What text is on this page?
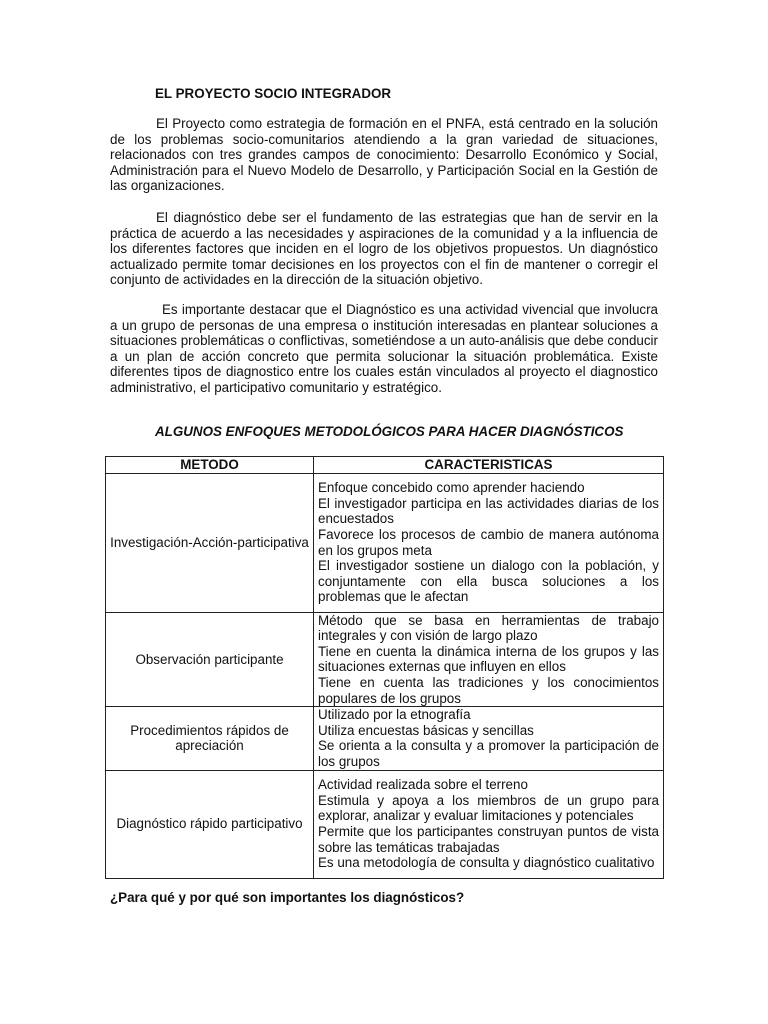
EL PROYECTO SOCIO INTEGRADOR

El Proyecto como estrategia de formación en el PNFA, está centrado en la solución de los problemas socio-comunitarios atendiendo a la gran variedad de situaciones, relacionados con tres grandes campos de conocimiento: Desarrollo Económico y Social, Administración para el Nuevo Modelo de Desarrollo, y Participación Social en la Gestión de las organizaciones.

El diagnóstico debe ser el fundamento de las estrategias que han de servir en la práctica de acuerdo a las necesidades y aspiraciones de la comunidad y a la influencia de los diferentes factores que inciden en el logro de los objetivos propuestos. Un diagnóstico actualizado permite tomar decisiones en los proyectos con el fin de mantener o corregir el conjunto de actividades en la dirección de la situación objetivo.

Es importante destacar que el Diagnóstico es una actividad vivencial que involucra a un grupo de personas de una empresa o institución interesadas en plantear soluciones a situaciones problemáticas o conflictivas, sometiéndose a un auto-análisis que debe conducir a un plan de acción concreto que permita solucionar la situación problemática. Existe diferentes tipos de diagnostico entre los cuales están vinculados al proyecto el diagnostico administrativo, el participativo comunitario y estratégico.

ALGUNOS ENFOQUES METODOLÓGICOS PARA HACER DIAGNÓSTICOS
METODO	CARACTERISTICAS
Investigación-Acción-participativa	Enfoque concebido como aprender haciendo
El investigador participa en las actividades diarias de los encuestados
Favorece los procesos de cambio de manera autónoma en los grupos meta
El investigador sostiene un dialogo con la población, y conjuntamente con ella busca soluciones a los problemas que le afectan

Observación participante	Método que se basa en herramientas de trabajo integrales y con visión de largo plazo
Tiene en cuenta la dinámica interna de los grupos y las situaciones externas que influyen en ellos
Tiene en cuenta las tradiciones y los conocimientos populares de los grupos

Procedimientos rápidos de apreciación	Utilizado por la etnografía
Utiliza encuestas básicas y sencillas
Se orienta a la consulta y a promover la participación de los grupos

Diagnóstico rápido participativo	Actividad realizada sobre el terreno
Estimula y apoya a los miembros de un grupo para explorar, analizar y evaluar limitaciones y potenciales
Permite que los participantes construyan puntos de vista sobre las temáticas trabajadas
Es una metodología de consulta y diagnóstico cualitativo

¿Para qué y por qué son importantes los diagnósticos?
